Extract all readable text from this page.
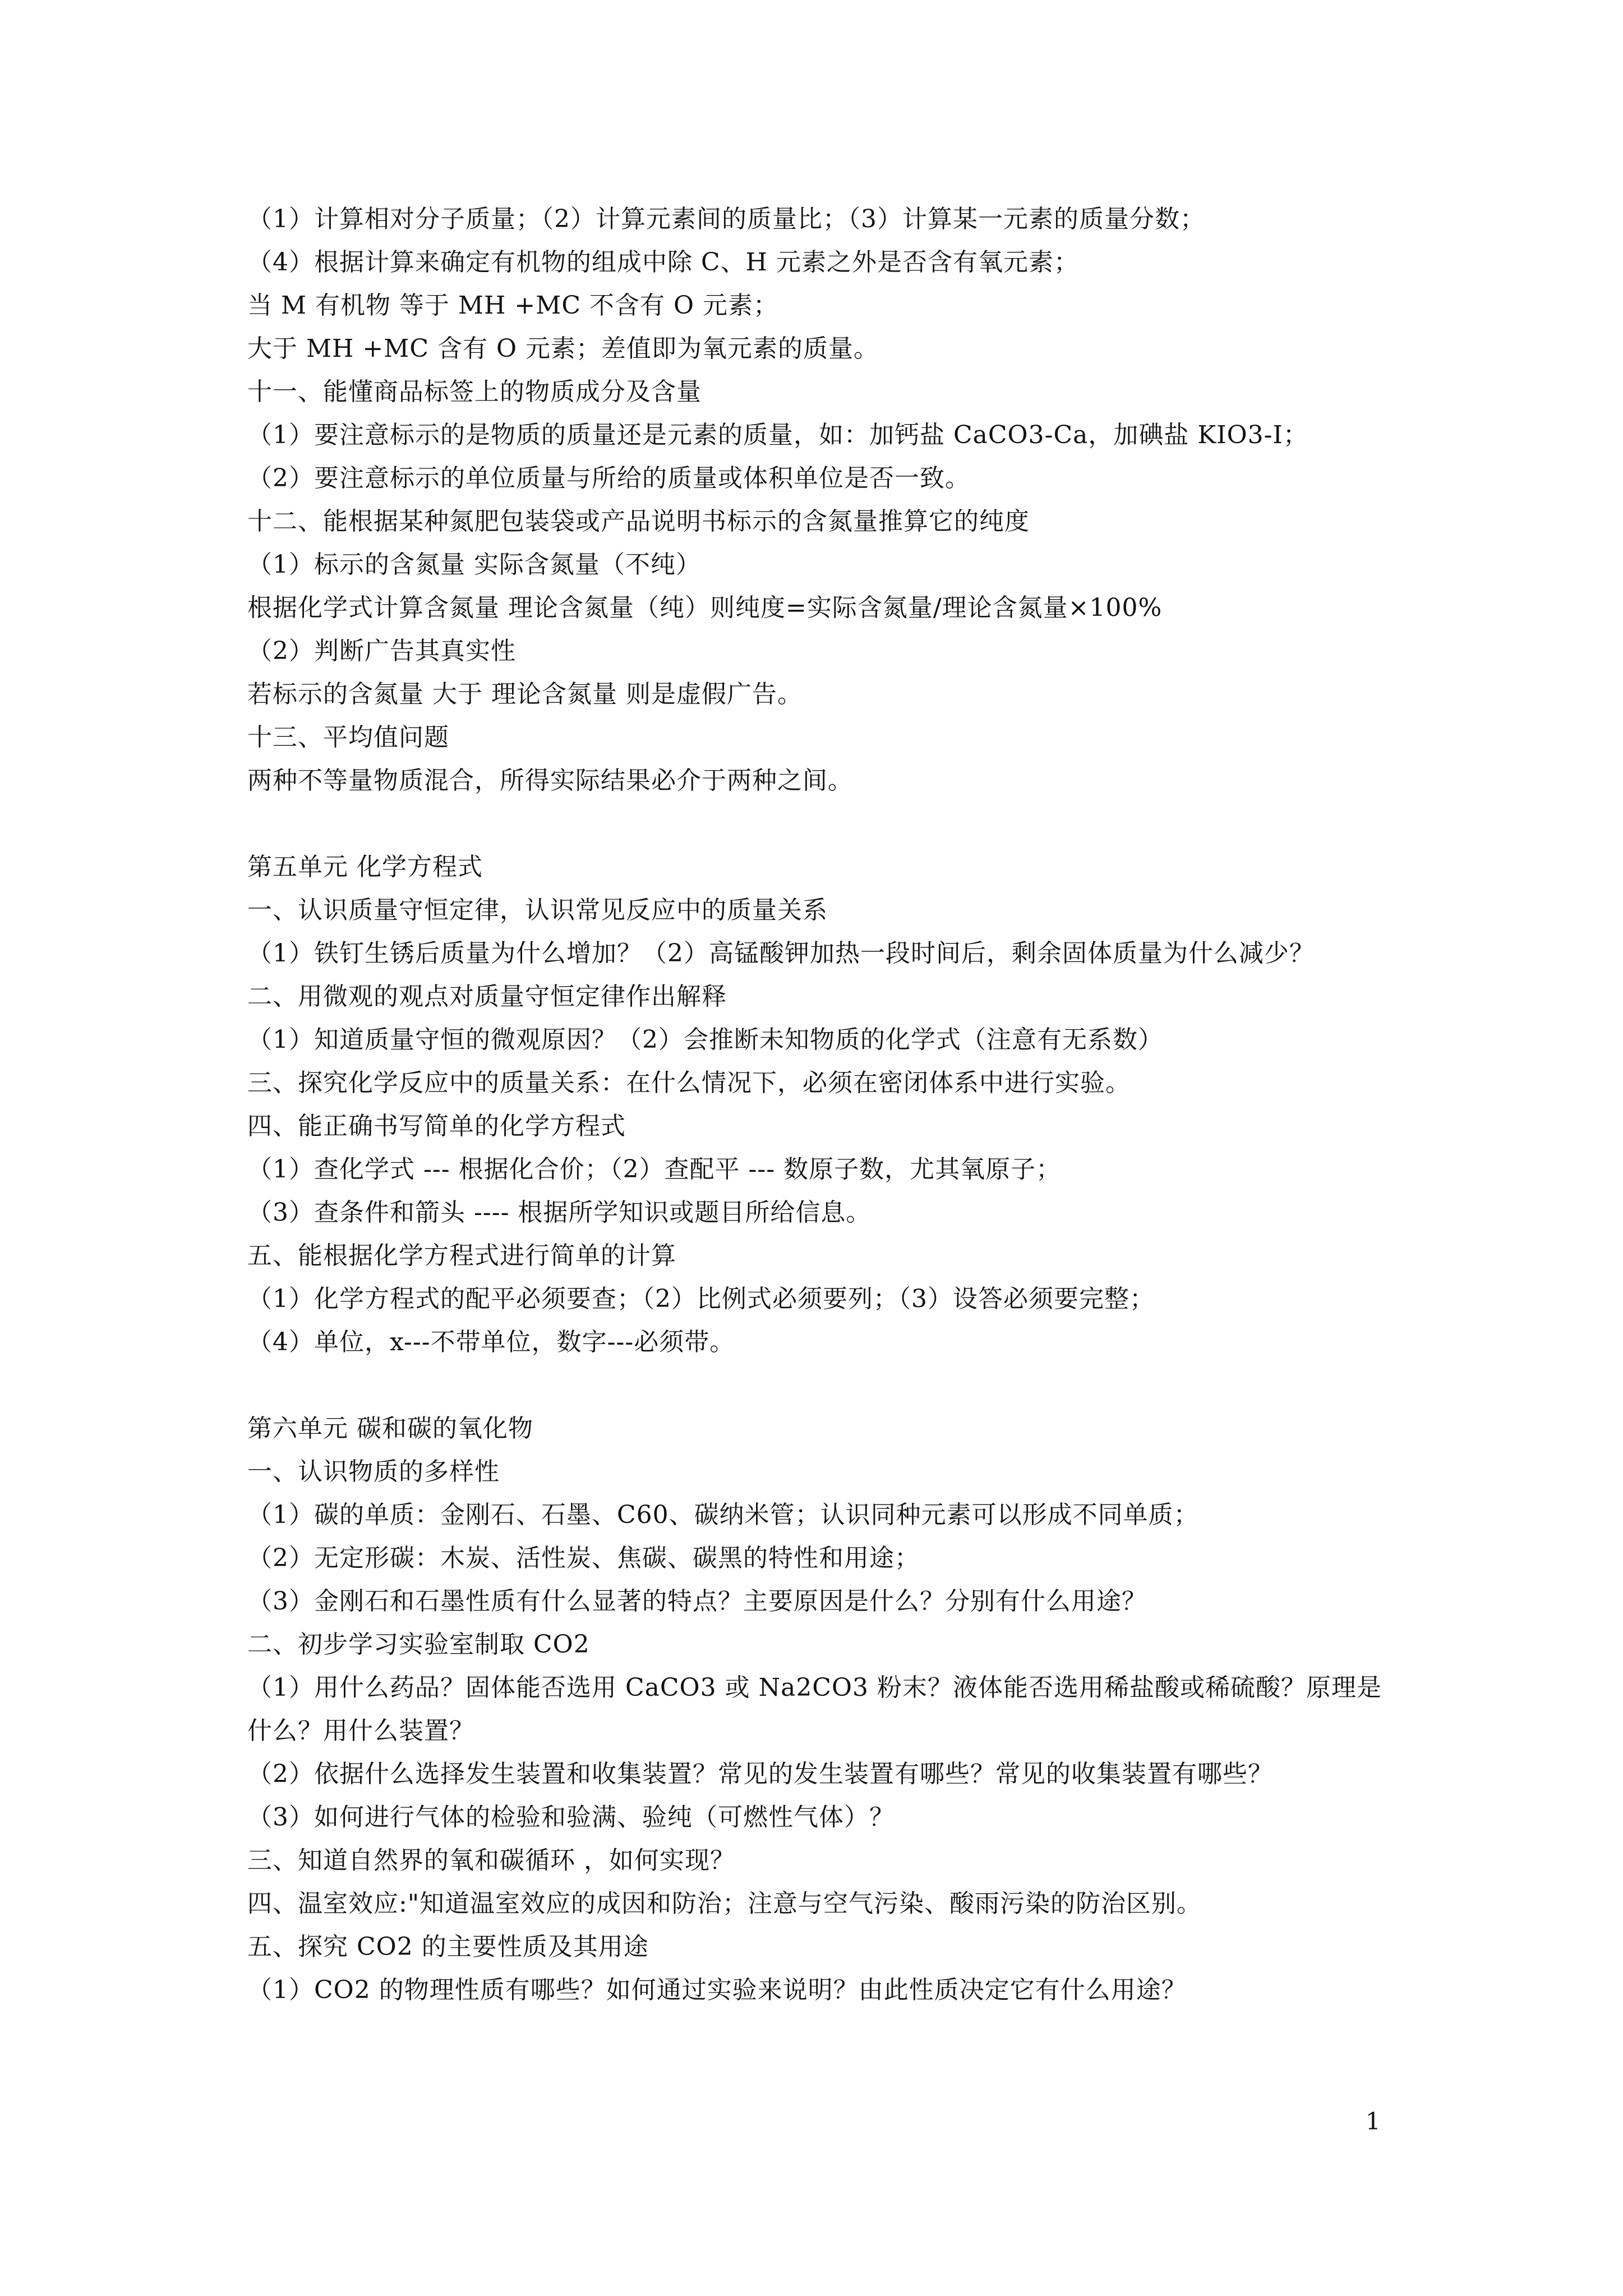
（1）计算相对分子质量；（2）计算元素间的质量比；（3）计算某一元素的质量分数；
（4）根据计算来确定有机物的组成中除 C、H 元素之外是否含有氧元素；
当 M 有机物 等于 MH +MC 不含有 O 元素；
大于 MH +MC 含有 O 元素；差值即为氧元素的质量。
十一、能懂商品标签上的物质成分及含量
（1）要注意标示的是物质的质量还是元素的质量，如：加钙盐 CaCO3-Ca，加碘盐 KIO3-I；
（2）要注意标示的单位质量与所给的质量或体积单位是否一致。
十二、能根据某种氮肥包装袋或产品说明书标示的含氮量推算它的纯度
（1）标示的含氮量 实际含氮量（不纯）
根据化学式计算含氮量 理论含氮量（纯）则纯度=实际含氮量/理论含氮量×100%
（2）判断广告其真实性
若标示的含氮量 大于 理论含氮量 则是虚假广告。
十三、平均值问题
两种不等量物质混合，所得实际结果必介于两种之间。
第五单元 化学方程式
一、认识质量守恒定律，认识常见反应中的质量关系
（1）铁钉生锈后质量为什么增加？（2）高锰酸钾加热一段时间后，剩余固体质量为什么减少？
二、用微观的观点对质量守恒定律作出解释
（1）知道质量守恒的微观原因？（2）会推断未知物质的化学式（注意有无系数）
三、探究化学反应中的质量关系：在什么情况下，必须在密闭体系中进行实验。
四、能正确书写简单的化学方程式
（1）查化学式 --- 根据化合价；（2）查配平 --- 数原子数，尤其氧原子；
（3）查条件和箭头 ---- 根据所学知识或题目所给信息。
五、能根据化学方程式进行简单的计算
（1）化学方程式的配平必须要查；（2）比例式必须要列；（3）设答必须要完整；
（4）单位，x---不带单位，数字---必须带。
第六单元 碳和碳的氧化物
一、认识物质的多样性
（1）碳的单质：金刚石、石墨、C60、碳纳米管；认识同种元素可以形成不同单质；
（2）无定形碳：木炭、活性炭、焦碳、碳黑的特性和用途；
（3）金刚石和石墨性质有什么显著的特点？主要原因是什么？分别有什么用途？
二、初步学习实验室制取 CO2
（1）用什么药品？固体能否选用 CaCO3 或 Na2CO3 粉末？液体能否选用稀盐酸或稀硫酸？原理是什么？用什么装置？
（2）依据什么选择发生装置和收集装置？常见的发生装置有哪些？常见的收集装置有哪些？
（3）如何进行气体的检验和验满、验纯（可燃性气体）？
三、知道自然界的氧和碳循环 ，如何实现？
四、温室效应:"知道温室效应的成因和防治；注意与空气污染、酸雨污染的防治区别。
五、探究 CO2 的主要性质及其用途
（1）CO2 的物理性质有哪些？如何通过实验来说明？由此性质决定它有什么用途？
1
